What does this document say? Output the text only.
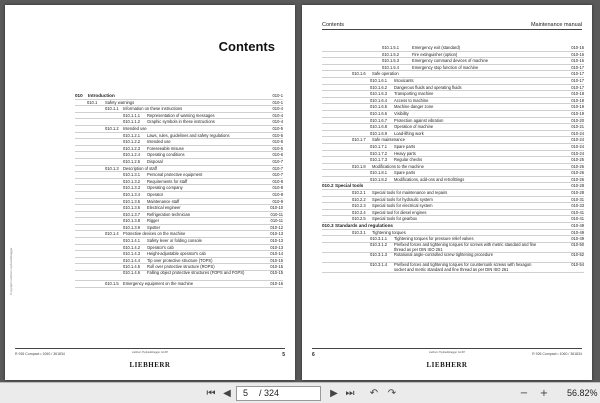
Contents
010 Introduction	010-1
010.1 Safety warnings	010-1
010.1.1 Information on these instructions	010-4
010.1.1.1 Representation of warning messages	010-4
010.1.1.2 Graphic symbols in these instructions	010-4
010.1.2 Intended use	010-5
010.1.2.1 Laws, rules, guidelines and safety regulations	010-5
010.1.2.2 Intended use	010-5
010.1.2.3 Foreseeable misuse	010-5
010.1.2.4 Operating conditions	010-6
010.1.2.5 Disposal	010-7
010.1.3 Description of staff	010-7
010.1.3.1 Personal protective equipment	010-7
010.1.3.2 Requirements for staff	010-8
010.1.3.3 Operating company	010-8
010.1.3.4 Operator	010-9
010.1.3.5 Maintenance staff	010-9
010.1.3.6 Electrical engineer	010-10
010.1.3.7 Refrigeration technician	010-11
010.1.3.8 Rigger	010-11
010.1.3.9 Spotter	010-12
010.1.4 Protective devices on the machine	010-13
010.1.4.1 Safety lever or folding console	010-13
010.1.4.2 Operator's cab	010-13
010.1.4.3 Height-adjustable operator's cab	010-14
010.1.4.4 Tip over protective structure (TOPS)	010-15
010.1.4.5 Roll over protective structure (ROPS)	010-15
010.1.4.6 Falling object protective structures (FOPS and FGPS)	010-15
010.1.5 Emergency equipment on the machine	010-16
Copyright Liebherr-Hydraulikbagger
R 926 Compact • 1060 / 361834	Liebherr-Hydraulikbagger GmbH
LIEBHERR
5
Contents	Maintenance manual
010.1.5.1	Emergency exit (standard)	010-16
010.1.5.2	Fire extinguisher (option)	010-16
010.1.5.3	Emergency command devices of machine	010-16
010.1.5.4	Emergency stop function of machine	010-17
010.1.6 Safe operation	010-17
010.1.6.1 Intoxicants	010-17
010.1.6.2 Dangerous fluids and operating fluids	010-17
010.1.6.3 Transporting machine	010-18
010.1.6.4 Access to machine	010-18
010.1.6.5 Machine danger zone	010-19
010.1.6.6 Visibility	010-19
010.1.6.7 Protection against vibration	010-20
010.1.6.8 Operation of machine	010-21
010.1.6.9 Load-lifting work	010-24
010.1.7 Safe maintenance	010-24
010.1.7.1 Spare parts	010-24
010.1.7.2 Heavy parts	010-24
010.1.7.3 Regular checks	010-25
010.1.8 Modifications to the machine	010-26
010.1.8.1 Spare parts	010-26
010.1.8.2 Modifications, add-ons and retrofittings	010-26
010.2 Special tools	010-28
010.2.1 Special tools for maintenance and repairs	010-28
010.2.2 Special tools for hydraulic system	010-31
010.2.3 Special tools for electrical system	010-33
010.2.4 Special tool for diesel engines	010-41
010.2.5 Special tools for gearbox	010-41
010.3 Standards and regulations	010-49
010.3.1 Tightening torques	010-49
010.3.1.1 Tightening torques for pressure relief valves	010-49
010.3.1.2 Prefixed forces and tightening torques for screws with metric standard and fine thread as per DIN ISO 261
010-50
010.3.1.3 Rotational angle-controlled screw tightening procedure	010-52
010.3.1.4 Prefixed forces and tightening torques for countersunk screws with hexagon socket and metric standard and fine thread as per DIN ISO 261
010-54
6	Liebherr-Hydraulikbagger GmbH
LIEBHERR
R 926 Compact • 1060 / 361834
⏮ ◀	5 / 324	▶ ⏭	↶ ↷	−	+	56.82%
